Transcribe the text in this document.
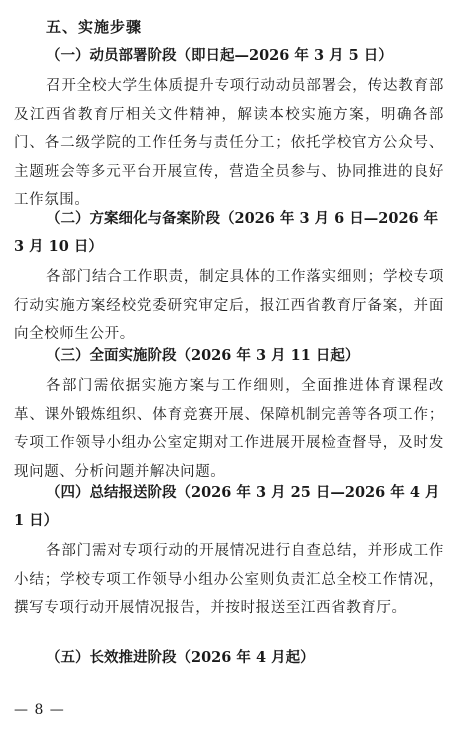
五、实施步骤

（一）动员部署阶段（即日起—2026 年 3 月 5 日）

召开全校大学生体质提升专项行动动员部署会，传达教育部及江西省教育厅相关文件精神，解读本校实施方案，明确各部门、各二级学院的工作任务与责任分工；依托学校官方公众号、主题班会等多元平台开展宣传，营造全员参与、协同推进的良好工作氛围。

（二）方案细化与备案阶段（2026 年 3 月 6 日—2026 年 3 月 10 日）

各部门结合工作职责，制定具体的工作落实细则；学校专项行动实施方案经校党委研究审定后，报江西省教育厅备案，并面向全校师生公开。

（三）全面实施阶段（2026 年 3 月 11 日起）

各部门需依据实施方案与工作细则，全面推进体育课程改革、课外锻炼组织、体育竞赛开展、保障机制完善等各项工作；专项工作领导小组办公室定期对工作进展开展检查督导，及时发现问题、分析问题并解决问题。

（四）总结报送阶段（2026 年 3 月 25 日—2026 年 4 月 1 日）

各部门需对专项行动的开展情况进行自查总结，并形成工作小结；学校专项工作领导小组办公室则负责汇总全校工作情况，撰写专项行动开展情况报告，并按时报送至江西省教育厅。

（五）长效推进阶段（2026 年 4 月起）

— 8 —
